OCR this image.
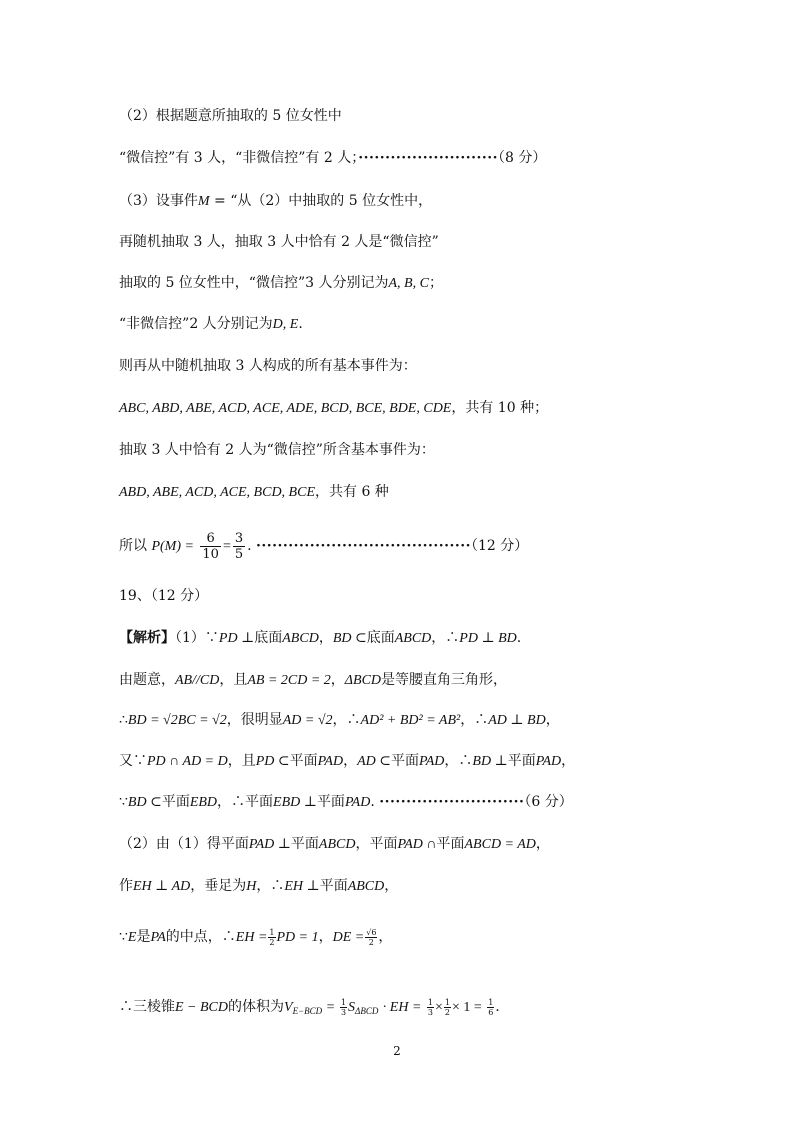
（2）根据题意所抽取的 5 位女性中
“微信控”有 3 人，“非微信控”有 2 人；··························（8 分）
（3）设事件M = “从（2）中抽取的 5 位女性中，
再随机抽取 3 人，抽取 3 人中恰有 2 人是“微信控”
抽取的 5 位女性中，“微信控”3 人分别记为A, B, C；
“非微信控”2 人分别记为D, E.
则再从中随机抽取 3 人构成的所有基本事件为：
ABC, ABD, ABE, ACD, ACE, ADE, BCD, BCE, BDE, CDE，共有 10 种；
抽取 3 人中恰有 2 人为“微信控”所含基本事件为：
ABD, ABE, ACD, ACE, BCD, BCE，共有 6 种
所以 $P(M) = \frac{6}{10} = \frac{3}{5}$ . ········································（12 分）
19、（12 分）
【解析】（1）∵PD ⊥底面ABCD，BD ⊂底面ABCD，∴PD ⊥ BD.
由题意，AB//CD，且AB = 2CD = 2，ΔBCD是等腰直角三角形，
∴BD = √2BC = √2，很明显AD = √2，∴AD² + BD² = AB²，∴AD ⊥ BD，
又∵PD ∩ AD = D，且PD ⊂平面PAD，AD ⊂平面PAD，∴BD ⊥平面PAD，
∵BD ⊂平面EBD，∴平面EBD ⊥平面PAD. ···························（6 分）
（2）由（1）得平面PAD ⊥平面ABCD，平面PAD ∩平面ABCD = AD，
作EH ⊥ AD，垂足为H，∴EH ⊥平面ABCD，
∵E是PA的中点，∴EH = $\frac{1}{2}$ PD = 1，DE = $\frac{√6}{2}$ ，
∴三棱锥E − BCD的体积为$V_{E-BCD} = \frac{1}{3} S_{\Delta BCD}$ · EH = $\frac{1}{3} \times \frac{1}{2} \times 1 = \frac{1}{6}$ .
2
